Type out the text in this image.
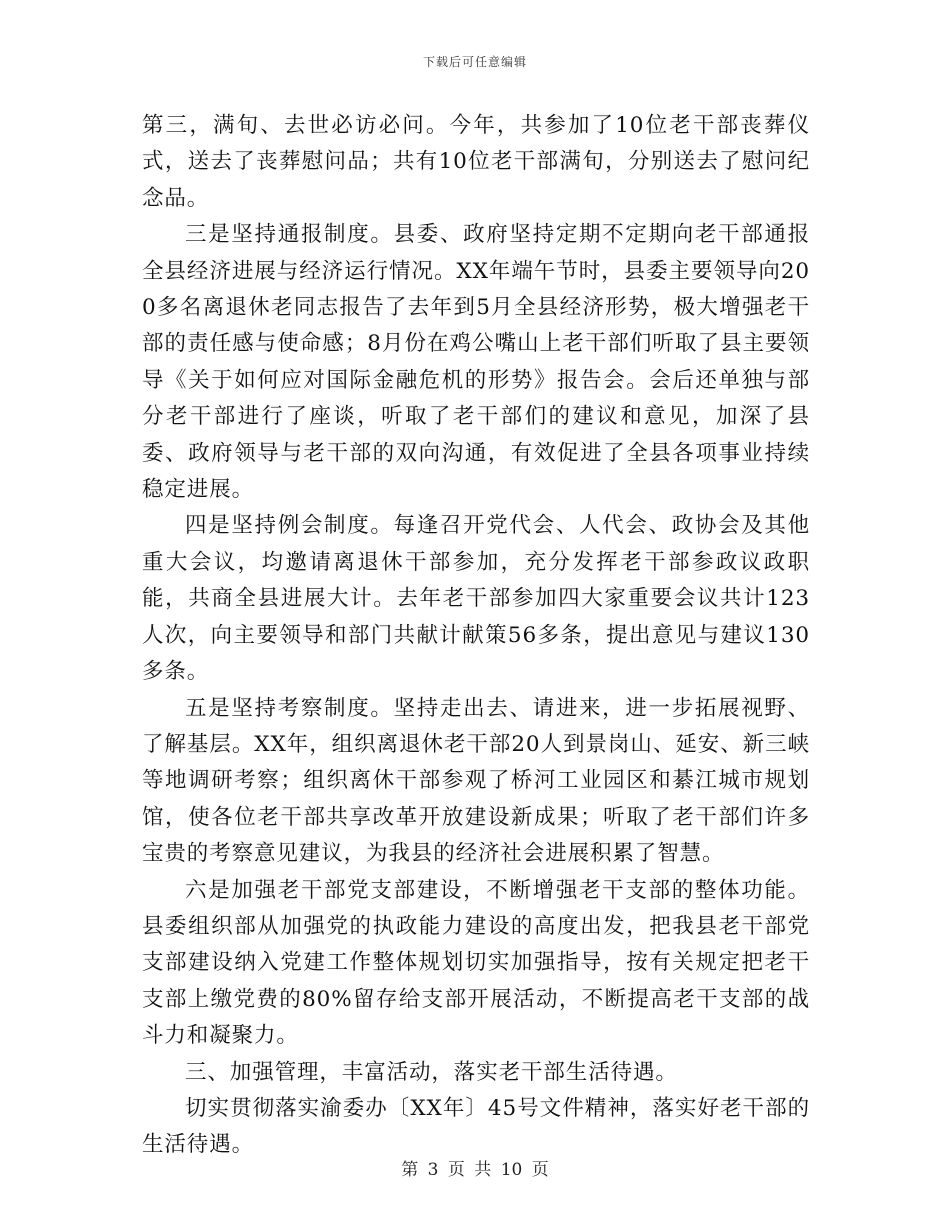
下载后可任意编辑

第三，满旬、去世必访必问。今年，共参加了10位老干部丧葬仪式，送去了丧葬慰问品；共有10位老干部满旬，分别送去了慰问纪念品。

三是坚持通报制度。县委、政府坚持定期不定期向老干部通报全县经济进展与经济运行情况。XX年端午节时，县委主要领导向200多名离退休老同志报告了去年到5月全县经济形势，极大增强老干部的责任感与使命感；8月份在鸡公嘴山上老干部们听取了县主要领导《关于如何应对国际金融危机的形势》报告会。会后还单独与部分老干部进行了座谈，听取了老干部们的建议和意见，加深了县委、政府领导与老干部的双向沟通，有效促进了全县各项事业持续稳定进展。

四是坚持例会制度。每逢召开党代会、人代会、政协会及其他重大会议，均邀请离退休干部参加，充分发挥老干部参政议政职能，共商全县进展大计。去年老干部参加四大家重要会议共计123人次，向主要领导和部门共献计献策56多条，提出意见与建议130多条。

五是坚持考察制度。坚持走出去、请进来，进一步拓展视野、了解基层。XX年，组织离退休老干部20人到景岗山、延安、新三峡等地调研考察；组织离休干部参观了桥河工业园区和綦江城市规划馆，使各位老干部共享改革开放建设新成果；听取了老干部们许多宝贵的考察意见建议，为我县的经济社会进展积累了智慧。

六是加强老干部党支部建设，不断增强老干支部的整体功能。县委组织部从加强党的执政能力建设的高度出发，把我县老干部党支部建设纳入党建工作整体规划切实加强指导，按有关规定把老干支部上缴党费的80%留存给支部开展活动，不断提高老干支部的战斗力和凝聚力。

三、加强管理，丰富活动，落实老干部生活待遇。

切实贯彻落实渝委办〔XX年〕45号文件精神，落实好老干部的生活待遇。

第 3 页 共 10 页
